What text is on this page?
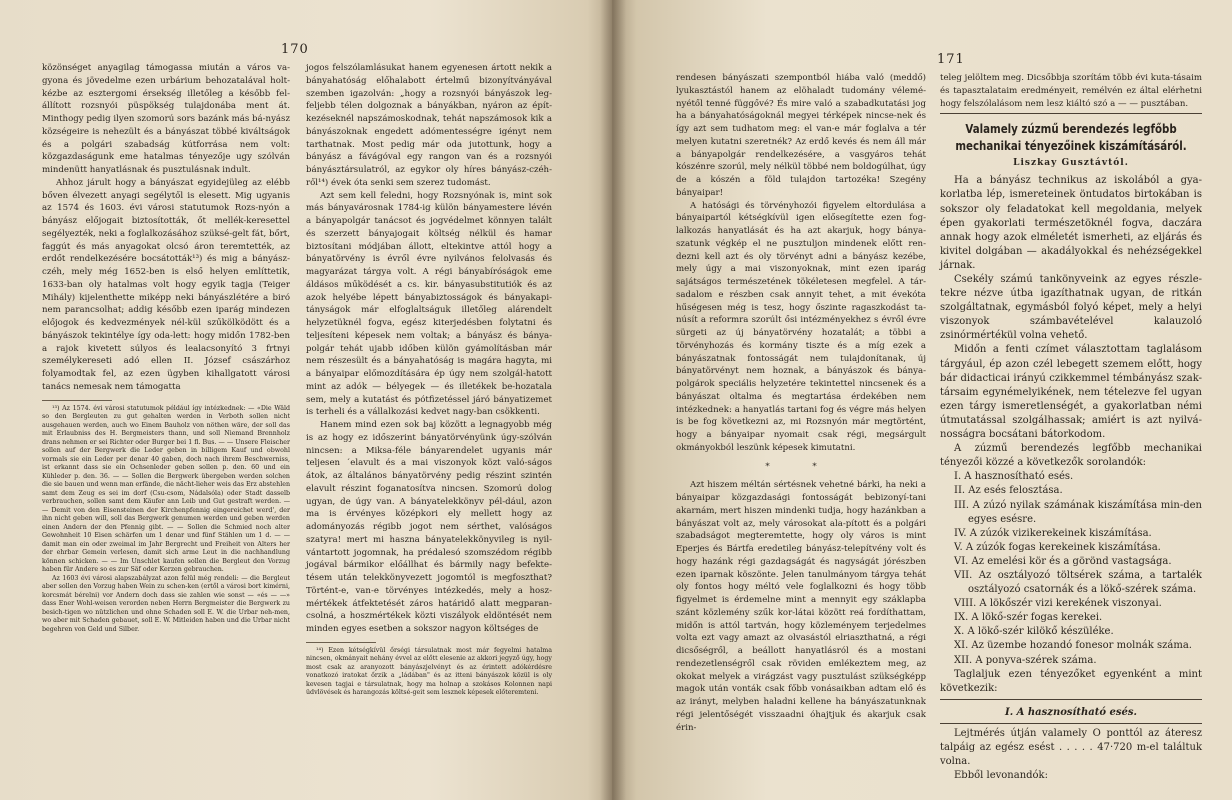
170

közönséget anyagilag támogassa miután a város va-gyona és jövedelme ezen urbárium behozatalával holt-kézbe az esztergomi érsekség illetőleg a később fel-állított rozsnyói püspökség tulajdonába ment át. Minthogy pedig ilyen szomorú sors bazánk más bá-nyász községeire is nehezült és a bányászat többé kiváltságok és a polgári szabadság kútforrása nem volt: közgazdaságunk eme hatalmas tényezője ugy szólván mindenütt hanyatlásnak és pusztulásnak indult.

Ahhoz járult hogy a bányászat egyidejüleg az elébb bőven élvezett anyagi segélytől is elesett. Mig ugyanis az 1574 és 1603. évi városi statutumok Rozs-nyón a bányász előjogait biztosították, őt mellék-keresettel segélyezték, neki a foglalkozásához szüksé-gelt fát, bőrt, faggút és más anyagokat olcsó áron teremtették, az erdőt rendelkezésére bocsátották¹³) és mig a bányász-czéh, mely még 1652-ben is első helyen említtetik, 1633-ban oly hatalmas volt hogy egyik tagja (Teiger Mihály) kijelenthette miképp neki bányászlétére a biró nem parancsolhat; addig később ezen iparág mindezen előjogok és kedvezmények nél-kül szűkölködött és a bányászok tekintélye így oda-lett: hogy midőn 1782-ben a rajok kivetett súlyos és lealacsonyító 3 frtnyi személykereseti adó ellen II. József császárhoz folyamodtak fel, az ezen ügyben kihallgatott városi tanács nemesak nem támogatta

¹³) Az 1574. évi városi statutumok például így intézkednek: — «Die Wäld so den Bergleuten zu gut gehalten werden in Verboth sollen nicht ausgehauen werden, auch wo Einem Bauholz von nöthen wäre, der soll das mit Erlaubniss des H. Bergmeisters thann, und soll Niemand Brennholz drans nehmen er sei Richter oder Burger bei 1 fl. Bus. — — Unsere Fleischer sollen auf der Bergwerk die Leder geben in billigem Kauf und obwohl vormals sie ein Leder per denar 40 gaben, doch nach ihrem Beschwerniss, ist erkannt dass sie ein Ochsenleder geben sollen p. den. 60 und ein Kühleder p. den. 36. — — Sollen die Bergwerk übergeben werden solchen die sie bauen und wenn man erfände, die nächt-lieher weis das Erz abstehlen samt dem Zeug es sei im dorf (Csu-csom, Nádalsóla) oder Stadt dasselb verbrauchen, sollen samt dem Käufer ann Leib und Gut gestraft werden. — — Demit von den Eisensteinen der Kirchenpfennig eingereichet werd', der ihn nicht geben will, soll das Bergwerk genumen werden und geben werden einen Andern der den Pfennig gibt. — — Sollen die Schmied noch alter Gewohnheit 10 Eisen schärfen um 1 denar und fünf Stählen um 1 d. — — damit man ein oder zweimal im Jahr Bergrecht und Freiheit von Alters her der ehrbar Gemein verlesen, damit sich arme Leut in die nachhandlung können schicken. — — Im Unschlet kaufen sollen die Bergleut den Vorzug haben für Andere so es zur Säf oder Kerzen gebrauchen.

Az 1603 évi városi alapszabályzat azon felül még rendeli: — die Bergleut aber sollen den Vorzug haben Wein zu schen-ken (ertől a városi bort kimérni, korcsmát bérelni) vor Andern doch dass sie zahlen wie sonst — «és — —» dass Ener Wohl-weisen verorden neben Herrn Bergmeister die Bergwerk zu besich-tigen wo nützlichen und ohne Schaden soll E. W. die Urbar neh-men, wo aber mit Schaden gebauet, soll E. W. Mitleiden haben und die Urbar nicht begehren von Geld und Silber.

jogos felszólamlásukat hanem egyenesen ártott nekik a bányahatóság előhalabott értelmű bizonyítványával szemben igazolván: „hogy a rozsnyói bányászok leg-feljebb télen dolgoznak a bányákban, nyáron az épít-kezéseknél napszámoskodnak, tehát napszámosok kik a bányászoknak engedett adómentességre igényt nem tarthatnak. Most pedig már oda jutottunk, hogy a bányász a fávágóval egy rangon van és a rozsnyói bányásztársulatról, az egykor oly híres bányász-czéh-ről¹⁴) évek óta senki sem szerez tudomást.

Azt sem kell feledni, hogy Rozsnyónak is, mint sok más bányavárosnak 1784-ig külön bányamestere lévén a bányapolgár tanácsot és jogvédelmet könnyen talált és szerzett bányajogait költség nélkül és hamar biztosítani módjában állott, eltekintve attól hogy a bányatörvény is évről évre nyilvános felolvasás és magyarázat tárgya volt. A régi bányabíróságok eme áldásos működését a cs. kir. bányasubstitutiók és az azok helyébe lépett bányabiztosságok és bányakapi-tányságok már elfoglaltságuk illetőleg alárendelt helyzetüknél fogva, egész kiterjedésben folytatni és teljesíteni képesek nem voltak; a bányász és bánya-polgár tehát ujabb időben külön gyámolításban már nem részesült és a bányahatóság is magára hagyta, mi a bányaipar előmozdítására ép úgy nem szolgál-hatott mint az adók — bélyegek — és illetékek be-hozatala sem, mely a kutatást és pótfizetéssel járó bányatizemet is terheli és a vállalkozási kedvet nagy-ban csökkenti.

Hanem mind ezen sok baj között a legnagyobb még is az hogy ez időszerint bányatörvényünk úgy-szólván nincsen: a Miksa-féle bányarendelet ugyanis már teljesen ´elavult és a mai viszonyok közt való-ságos átok, az általános bányatörvény pedig részint szintén elavult részint foganatosítva nincsen. Szomorú dolog ugyan, de úgy van. A bányatelekkönyv pél-dául, azon ma is érvényes középkori ely mellett hogy az adományozás régibb jogot nem sérthet, valóságos szatyra! mert mi haszna bányatelekkönyvileg is nyil-vántartott jogomnak, ha prédalesó szomszédom régibb jogával bármikor előállhat és bármily nagy befekte-tésem után telekkönyvezett jogomtól is megfoszthat? Történt-e, van-e törvényes intézkedés, mely a hosz-mértékek átfektetését záros határidő alatt megparan-csolná, a hoszmértékek közti viszályok eldöntését nem minden egyes esetben a sokszor nagyon költséges de

¹⁴) Ezen kétségkívül őrségi társulatnak most már fegyelmi hatalma nincsen, okmányait nehány évvel az előtt elesenie az akkori jegyző úgy, hogy most csak az aranyozott bányászjelvényt és az érintett adókérdésre vonatkozó iratokat őrzik a „ládában" és az itteni bányászok közül is oly kevesen tagjai e társulatnak, hogy ma holnap a szokásos Kolonnen napi üdvlövések és harangozás költsé-geit sem lesznek képesek előteremteni.

171

rendesen bányászati szempontból hiába való (meddő) lyukasztástól hanem az elöhaladt tudomány vélemé-nyétől tenné függővé? És mire való a szabadkutatási jog ha a bányahatóságoknál megyei térképek nincse-nek és így azt sem tudhatom meg: el van-e már foglalva a tér melyen kutatni szeretnék? Az erdő kevés és nem áll már a bányapolgár rendelkezésére, a vasgyáros tehát kószénre szorúl, mely nélkül többé nem boldogúlhat, úgy de a kószén a föld tulajdon tartozéka! Szegény bányaipar!

A hatósági és törvényhozói figyelem eltordulása a bányaipartól kétségkívül igen elősegítette ezen fog-lalkozás hanyatlását és ha azt akarjuk, hogy bánya-szatunk végkép el ne pusztuljon mindenek előtt ren-dezni kell azt és oly törvényt adni a bányász kezébe, mely úgy a mai viszonyoknak, mint ezen iparág sajátságos természetének tökéletesen megfelel. A tár-sadalom e részben csak annyit tehet, a mit évekóta hűségesen még is tesz, hogy őszinte ragaszkodást ta-núsít a reformra szorúlt ősi intézményekhez s évről évre sürgeti az új bányatörvény hozatalát; a többi a törvényhozás és kormány tiszte és a míg ezek a bányászatnak fontosságát nem tulajdonítanak, új bányatörvényt nem hoznak, a bányászok és bánya-polgárok speciális helyzetére tekintettel nincsenek és a bányászat oltalma és megtartása érdekében nem intézkednek: a hanyatlás tartani fog és végre más helyen is be fog következni az, mi Rozsnyón már megtörtént, hogy a bányaipar nyomait csak régi, megsárgult okmányokból leszünk képesek kimutatni.

* *

Azt hiszem méltán sértésnek vehetné bárki, ha neki a bányaipar közgazdasági fontosságát bebizonyí-tani akarnám, mert hiszen mindenki tudja, hogy hazánkban a bányászat volt az, mely városokat ala-pított és a polgári szabadságot megteremtette, hogy oly város is mint Eperjes és Bártfa eredetileg bányász-telepítvény volt és hogy hazánk régi gazdagságát és nagyságát jórészben ezen iparnak köszönte. Jelen tanulmányom tárgya tehát oly fontos hogy méltó vele foglalkozni és hogy több figyelmet is érdemelne mint a mennyit egy száklapba szánt közlemény szűk kor-látai között reá fordíthattam, midőn is attól tartván, hogy közleményem terjedelmes volta ezt vagy amazt az olvasástól elriaszthatná, a régi dicsőségről, a beállott hanyatlásról és a mostani rendezetlenségről csak röviden emlékeztem meg, az okokat melyek a virágzást vagy pusztulást szükségképp magok után vonták csak főbb vonásaikban adtam elő és az irányt, melyben haladni kellene ha bányászatunknak régi jelentőségét visszaadni óhajtjuk és akarjuk csak érin-

teleg jelöltem meg. Dicsőbbja szorítám több évi kuta-tásaim és tapasztalataim eredményeit, remélvén ez által elérhetni hogy felszólalásom nem lesz kiáltó szó a — — pusztában.

Valamely zúzmű berendezés legfőbb mechanikai tényezőinek kiszámításáról.
Liszkay Gusztávtól.

Ha a bányász technikus az iskolából a gya-korlatba lép, ismereteinek öntudatos birtokában is sokszor oly feladatokat kell megoldania, melyek épen gyakorlati természetöknél fogva, daczára annak hogy azok elméletét ismerheti, az eljárás és kivitel dolgában — akadályokkal és nehézségekkel járnak.

Csekély számú tankönyveink az egyes részle-tekre nézve útba igazíthatnak ugyan, de ritkán szolgáltatnak, egymásból folyó képet, mely a helyi viszonyok számbavételével kalauzoló zsinórmértékül volna vehető.

Midőn a fenti czímet választottam taglalásom tárgyául, ép azon czél lebegett szemem előtt, hogy bár didacticai irányú czikkemmel témbányász szak-társaim egynémelyikének, nem tételezve fel ugyan ezen tárgy ismeretlenségét, a gyakorlatban némi útmutatással szolgálhassak; amiért is azt nyilvá-nosságra bocsátani bátorkodom.

A zúzmű berendezés legfőbb mechanikai tényezői közzé a következők sorolandók:

I. A hasznosítható esés.

II. Az esés felosztása.

III. A zúzó nyilak számának kiszámítása min-den egyes esésre.

IV. A zúzók vizikerekeinek kiszámítása.

V. A zúzók fogas kerekeinek kiszámítása.

VI. Az emelési kör és a görönd vastagsága.

VII. Az osztályozó töltsérek száma, a tartalék osztályozó csatornák és a lökő-szérek száma.

VIII. A lökőszér vizi kerekének viszonyai.

IX. A lökő-szér fogas kerekei.

X. A lökő-szér kilökő készüléke.

XI. Az üzembe hozandó fonesor molnák száma.

XII. A ponyva-szérek száma.

Taglaljuk ezen tényezőket egyenként a mint következik:

I. A hasznosítható esés.

Lejtmérés útján valamely O ponttól az áteresz talpáig az egész esést . . . . . 47·720 m-el találtuk volna.

Ebből levonandók:
